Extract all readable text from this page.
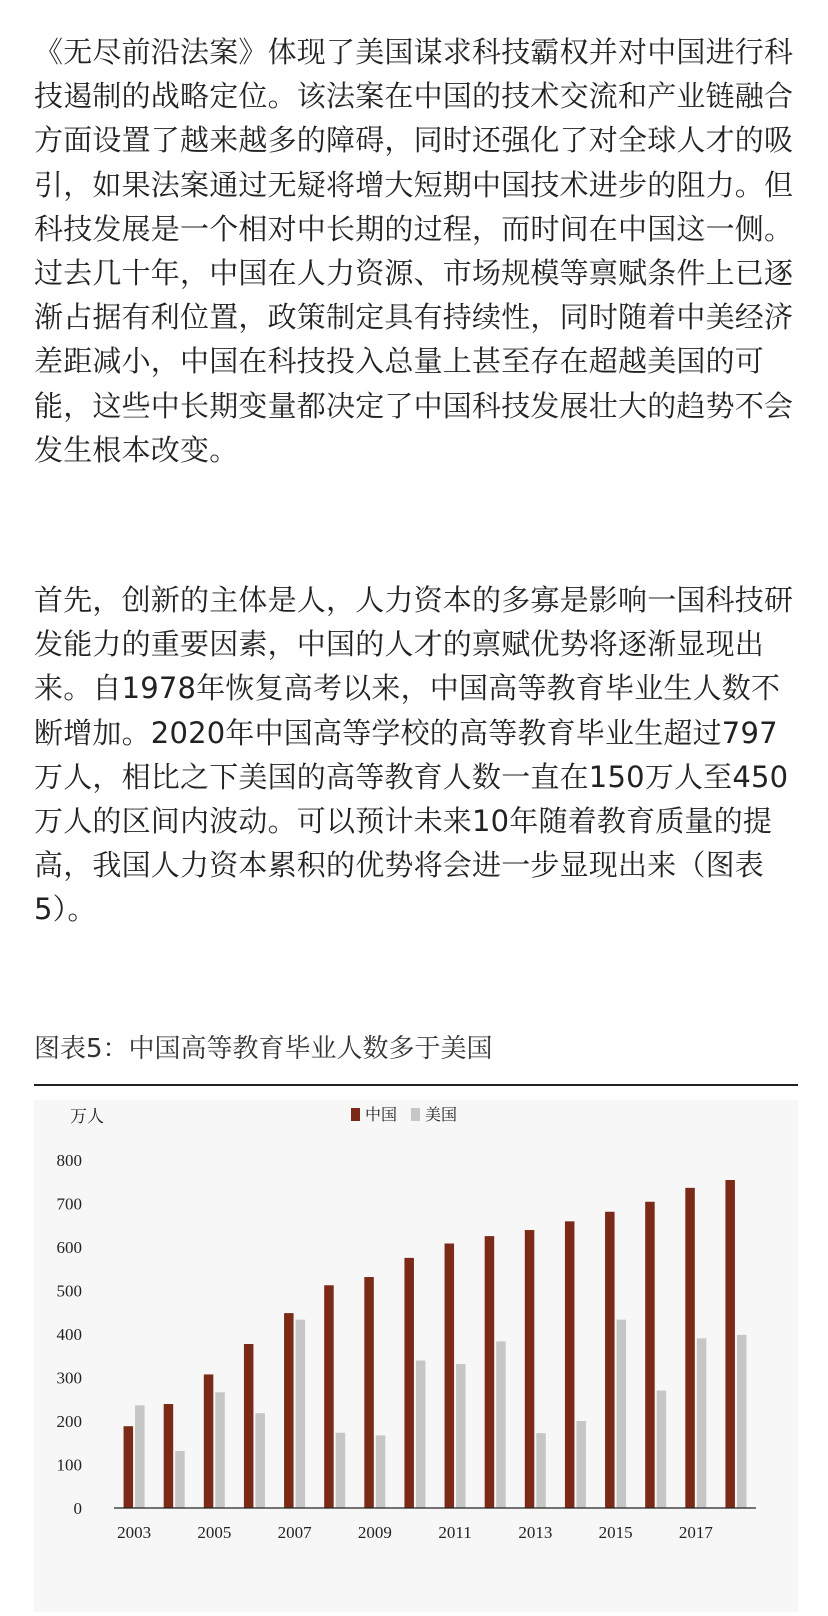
《无尽前沿法案》体现了美国谋求科技霸权并对中国进行科技遏制的战略定位。该法案在中国的技术交流和产业链融合方面设置了越来越多的障碍，同时还强化了对全球人才的吸引，如果法案通过无疑将增大短期中国技术进步的阻力。但科技发展是一个相对中长期的过程，而时间在中国这一侧。过去几十年，中国在人力资源、市场规模等禀赋条件上已逐渐占据有利位置，政策制定具有持续性，同时随着中美经济差距减小，中国在科技投入总量上甚至存在超越美国的可能，这些中长期变量都决定了中国科技发展壮大的趋势不会发生根本改变。

首先，创新的主体是人，人力资本的多寡是影响一国科技研发能力的重要因素，中国的人才的禀赋优势将逐渐显现出来。自1978年恢复高考以来，中国高等教育毕业生人数不断增加。2020年中国高等学校的高等教育毕业生超过797万人，相比之下美国的高等教育人数一直在150万人至450万人的区间内波动。可以预计未来10年随着教育质量的提高，我国人力资本累积的优势将会进一步显现出来（图表5）。

图表5：中国高等教育毕业人数多于美国

万人	中国 美国
0
100
200
300
400
500
600
700
800
2003	2005	2007	2009	2011	2013	2015	2017
